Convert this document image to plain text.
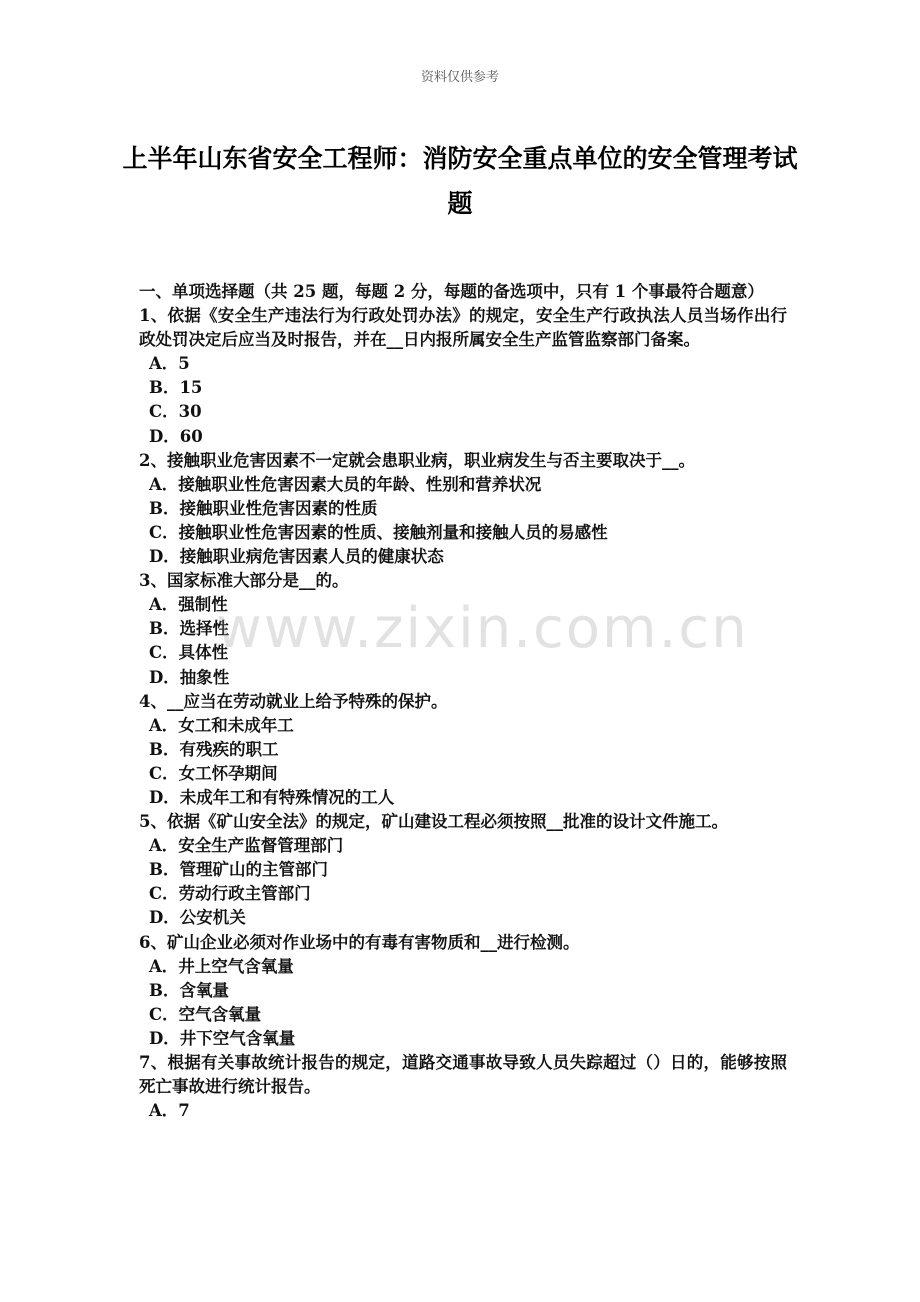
资料仅供参考
上半年山东省安全工程师：消防安全重点单位的安全管理考试题
一、单项选择题（共 25 题，每题 2 分，每题的备选项中，只有 1 个事最符合题意）
1、依据《安全生产违法行为行政处罚办法》的规定，安全生产行政执法人员当场作出行政处罚决定后应当及时报告，并在__日内报所属安全生产监管监察部门备案。
A．5
B．15
C．30
D．60
2、接触职业危害因素不一定就会患职业病，职业病发生与否主要取决于__。
A．接触职业性危害因素大员的年龄、性别和营养状况
B．接触职业性危害因素的性质
C．接触职业性危害因素的性质、接触剂量和接触人员的易感性
D．接触职业病危害因素人员的健康状态
3、国家标准大部分是__的。
A．强制性
B．选择性
C．具体性
D．抽象性
4、__应当在劳动就业上给予特殊的保护。
A．女工和未成年工
B．有残疾的职工
C．女工怀孕期间
D．未成年工和有特殊情况的工人
5、依据《矿山安全法》的规定，矿山建设工程必须按照__批准的设计文件施工。
A．安全生产监督管理部门
B．管理矿山的主管部门
C．劳动行政主管部门
D．公安机关
6、矿山企业必须对作业场中的有毒有害物质和__进行检测。
A．井上空气含氧量
B．含氧量
C．空气含氧量
D．井下空气含氧量
7、根据有关事故统计报告的规定，道路交通事故导致人员失踪超过（）日的，能够按照死亡事故进行统计报告。
A．7
www.zixin.com.cn
